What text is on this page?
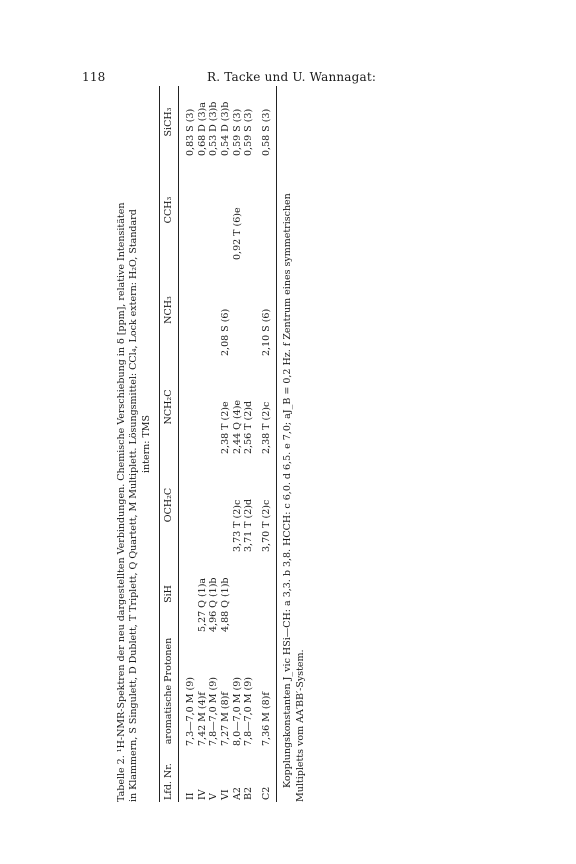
118	R. Tacke und U. Wannagat:

Tabelle 2. ¹H-NMR-Spektren der neu dargestellten Verbindungen. Chemische Verschiebung in δ [ppm], relative Intensitäten in Klammern, S Singulett, D Dublett, T Triplett, Q Quartett, M Multiplett. Lösungsmittel: CCl₄, Lock extern: H₂O, Standard intern: TMS

Lfd. Nr.	aromatische Protonen	SiH	OCH₂C	NCH₂C	NCH₃	CCH₃	SiCH₃
II	7,3—7,0 M (9)						0,83 S (3)
IV	7,42 M (4)f	5,27 Q (1)a					0,68 D (3)a
V	7,8—7,0 M (9)	4,96 Q (1)b					0,53 D (3)b
VI	7,27 M (8)f	4,88 Q (1)b		2,38 T (2)e	2,08 S (6)		0,54 D (3)b
A2	8,0—7,0 M (9)		3,73 T (2)c	2,44 Q (4)e		0,92 T (6)e	0,59 S (3)
B2	7,8—7,0 M (9)		3,71 T (2)d	2,56 T (2)d			0,59 S (3)
C2	7,36 M (8)f		3,70 T (2)c	2,38 T (2)c	2,10 S (6)		0,58 S (3)

Kopplungskonstanten J_vic HSi—CH: a 3,3. b 3,8. HCCH: c 6,0. d 6,5. e 7,0; aJ_B = 0,2 Hz. f Zentrum eines symmetrischen Multipletts vom AA′BB′-System.
